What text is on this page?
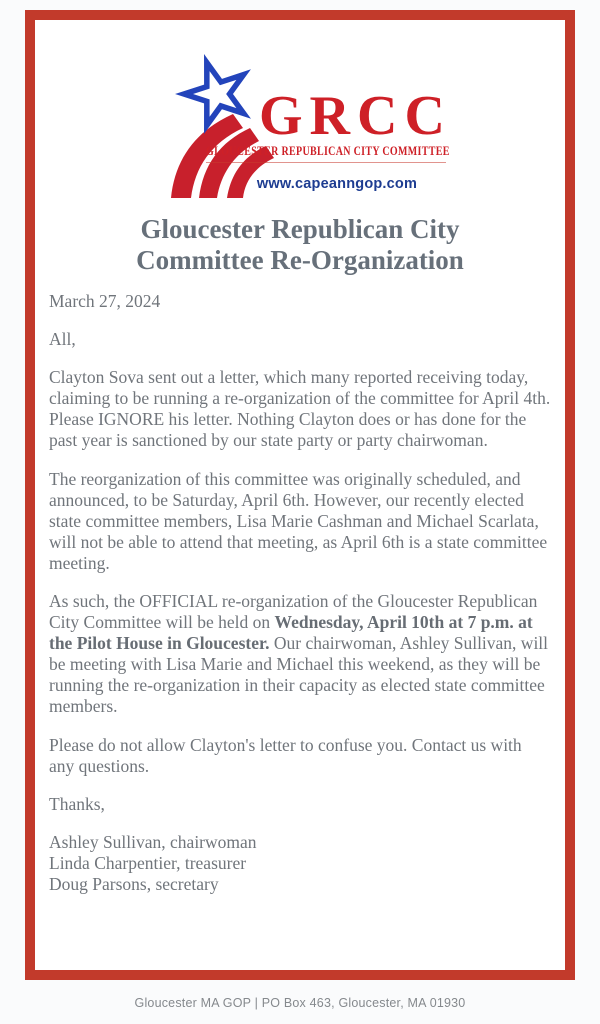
GRCC
GLOUCESTER REPUBLICAN CITY COMMITTEE
www.capeanngop.com
Gloucester Republican City
Committee Re-Organization
March 27, 2024
All,

Clayton Sova sent out a letter, which many reported receiving today, claiming to be running a re-organization of the committee for April 4th. Please IGNORE his letter. Nothing Clayton does or has done for the past year is sanctioned by our state party or party chairwoman.

The reorganization of this committee was originally scheduled, and announced, to be Saturday, April 6th. However, our recently elected state committee members, Lisa Marie Cashman and Michael Scarlata, will not be able to attend that meeting, as April 6th is a state committee meeting.

As such, the OFFICIAL re-organization of the Gloucester Republican City Committee will be held on Wednesday, April 10th at 7 p.m. at the Pilot House in Gloucester. Our chairwoman, Ashley Sullivan, will be meeting with Lisa Marie and Michael this weekend, as they will be running the re-organization in their capacity as elected state committee members.

Please do not allow Clayton's letter to confuse you. Contact us with any questions.

Thanks,
Ashley Sullivan, chairwoman
Linda Charpentier, treasurer
Doug Parsons, secretary
Gloucester MA GOP | PO Box 463, Gloucester, MA 01930
